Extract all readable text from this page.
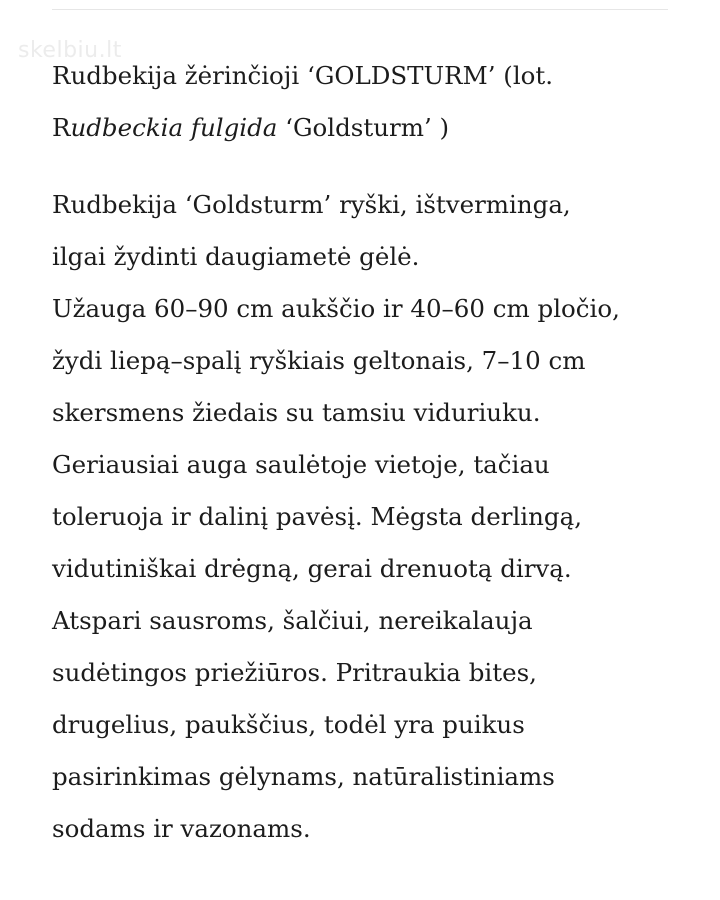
skelbiu.lt
Rudbekija žėrinčioji ‘GOLDSTURM’ (lot.
Rudbeckia fulgida ‘Goldsturm’ )
Rudbekija ‘Goldsturm’ ryški, ištverminga,
ilgai žydinti daugiametė gėlė.
Užauga 60–90 cm aukščio ir 40–60 cm pločio,
žydi liepą–spalį ryškiais geltonais, 7–10 cm
skersmens žiedais su tamsiu viduriuku.
Geriausiai auga saulėtoje vietoje, tačiau
toleruoja ir dalinį pavėsį. Mėgsta derlingą,
vidutiniškai drėgną, gerai drenuotą dirvą.
Atspari sausroms, šalčiui, nereikalauja
sudėtingos priežiūros. Pritraukia bites,
drugelius, paukščius, todėl yra puikus
pasirinkimas gėlynams, natūralistiniams
sodams ir vazonams.
